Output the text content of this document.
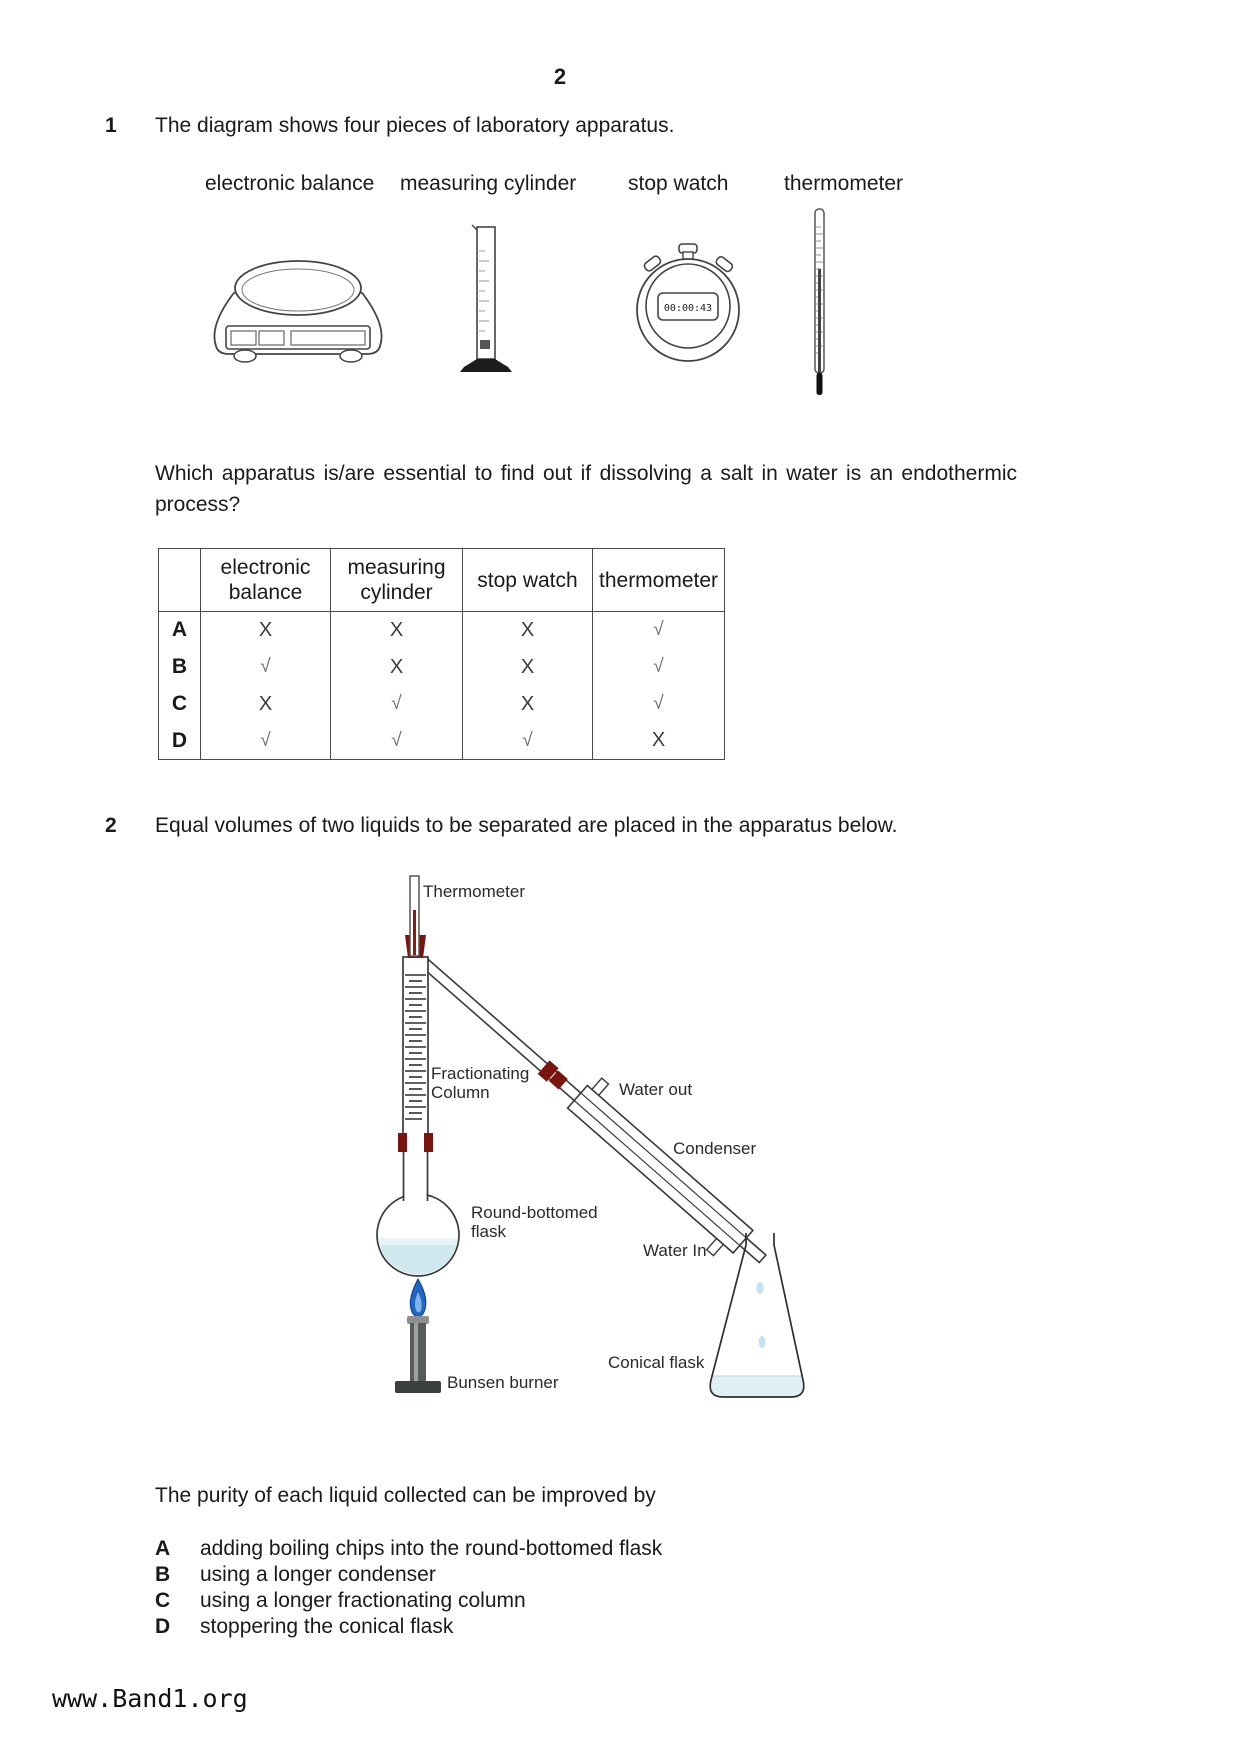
2
1 The diagram shows four pieces of laboratory apparatus.
electronic balance measuring cylinder stop watch	thermometer
00:00:43
Which apparatus is/are essential to find out if dissolving a salt in water is an endothermic process?
	electronic balance	measuring cylinder	stop watch	thermometer
A	X	X	X	√
B	√	X	X	√
C	X	√	X	√
D	√	√	√	X
2 Equal volumes of two liquids to be separated are placed in the apparatus below.
Thermometer
Fractionating Column	Water out
Condenser
Round-bottomed flask
Water In
Conical flask
Bunsen burner
The purity of each liquid collected can be improved by
A	adding boiling chips into the round-bottomed flask
B	using a longer condenser
C	using a longer fractionating column
D	stoppering the conical flask
www.Band1.org
